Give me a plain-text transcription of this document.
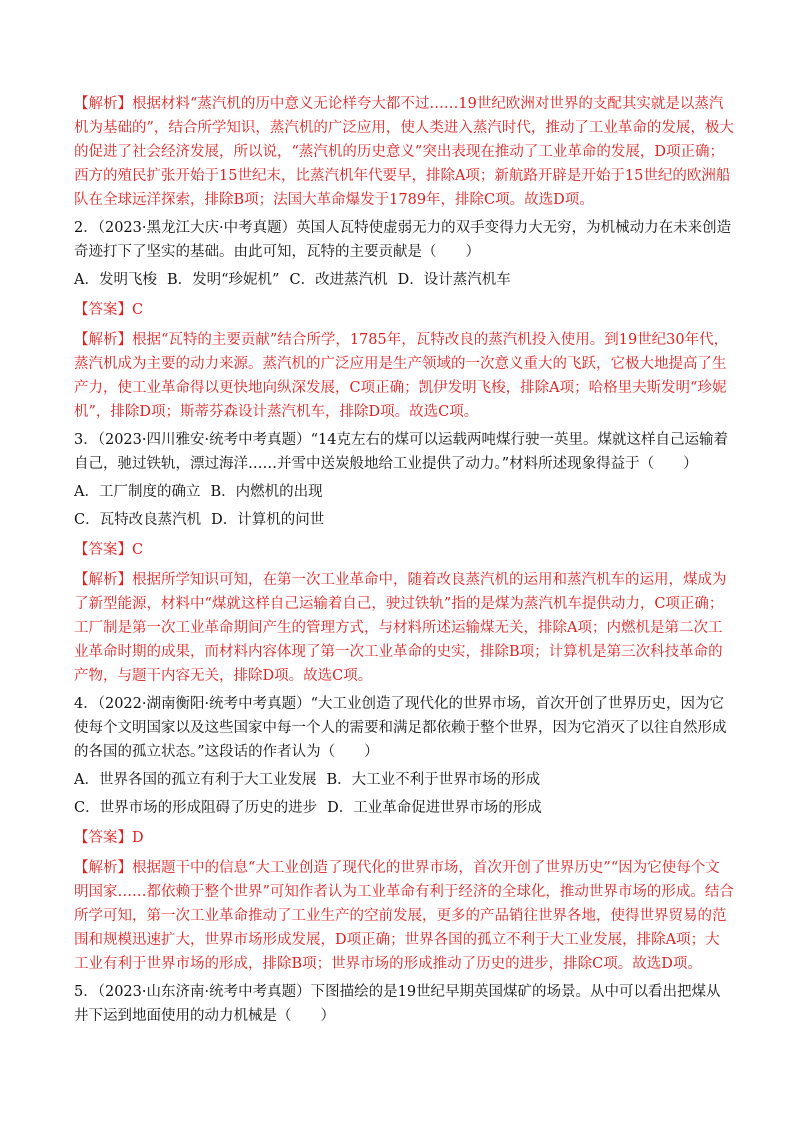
【解析】根据材料“蒸汽机的历中意义无论样夸大都不过……19世纪欧洲对世界的支配其实就是以蒸汽机为基础的”，结合所学知识，蒸汽机的广泛应用，使人类进入蒸汽时代，推动了工业革命的发展，极大的促进了社会经济发展，所以说，“蒸汽机的历史意义”突出表现在推动了工业革命的发展，D项正确；西方的殖民扩张开始于15世纪末，比蒸汽机年代要早，排除A项；新航路开辟是开始于15世纪的欧洲船队在全球远洋探索，排除B项；法国大革命爆发于1789年，排除C项。故选D项。

2．（2023·黑龙江大庆·中考真题）英国人瓦特使虚弱无力的双手变得力大无穷，为机械动力在未来创造奇迹打下了坚实的基础。由此可知，瓦特的主要贡献是（　　）

A．发明飞梭 B．发明“珍妮机” C．改进蒸汽机 D．设计蒸汽机车

【答案】C

【解析】根据“瓦特的主要贡献”结合所学，1785年，瓦特改良的蒸汽机投入使用。到19世纪30年代，蒸汽机成为主要的动力来源。蒸汽机的广泛应用是生产领域的一次意义重大的飞跃，它极大地提高了生产力，使工业革命得以更快地向纵深发展，C项正确；凯伊发明飞梭，排除A项；哈格里夫斯发明“珍妮机”，排除D项；斯蒂芬森设计蒸汽机车，排除D项。故选C项。

3．（2023·四川雅安·统考中考真题）“14克左右的煤可以运载两吨煤行驶一英里。煤就这样自己运输着自己，驰过铁轨，漂过海洋……并雪中送炭般地给工业提供了动力。”材料所述现象得益于（　　）

A．工厂制度的确立 B．内燃机的出现

C．瓦特改良蒸汽机 D．计算机的问世

【答案】C

【解析】根据所学知识可知，在第一次工业革命中，随着改良蒸汽机的运用和蒸汽机车的运用，煤成为了新型能源，材料中“煤就这样自己运输着自己，驶过铁轨”指的是煤为蒸汽机车提供动力，C项正确；工厂制是第一次工业革命期间产生的管理方式，与材料所述运输煤无关，排除A项；内燃机是第二次工业革命时期的成果，而材料内容体现了第一次工业革命的史实，排除B项；计算机是第三次科技革命的产物，与题干内容无关，排除D项。故选C项。

4．（2022·湖南衡阳·统考中考真题）“大工业创造了现代化的世界市场，首次开创了世界历史，因为它使每个文明国家以及这些国家中每一个人的需要和满足都依赖于整个世界，因为它消灭了以往自然形成的各国的孤立状态。”这段话的作者认为（　　）

A．世界各国的孤立有利于大工业发展 B．大工业不利于世界市场的形成

C．世界市场的形成阻碍了历史的进步 D．工业革命促进世界市场的形成

【答案】D

【解析】根据题干中的信息“大工业创造了现代化的世界市场，首次开创了世界历史”“因为它使每个文明国家……都依赖于整个世界”可知作者认为工业革命有利于经济的全球化，推动世界市场的形成。结合所学可知，第一次工业革命推动了工业生产的空前发展，更多的产品销往世界各地，使得世界贸易的范围和规模迅速扩大，世界市场形成发展，D项正确；世界各国的孤立不利于大工业发展，排除A项；大工业有利于世界市场的形成，排除B项；世界市场的形成推动了历史的进步，排除C项。故选D项。

5．（2023·山东济南·统考中考真题）下图描绘的是19世纪早期英国煤矿的场景。从中可以看出把煤从井下运到地面使用的动力机械是（　　）
